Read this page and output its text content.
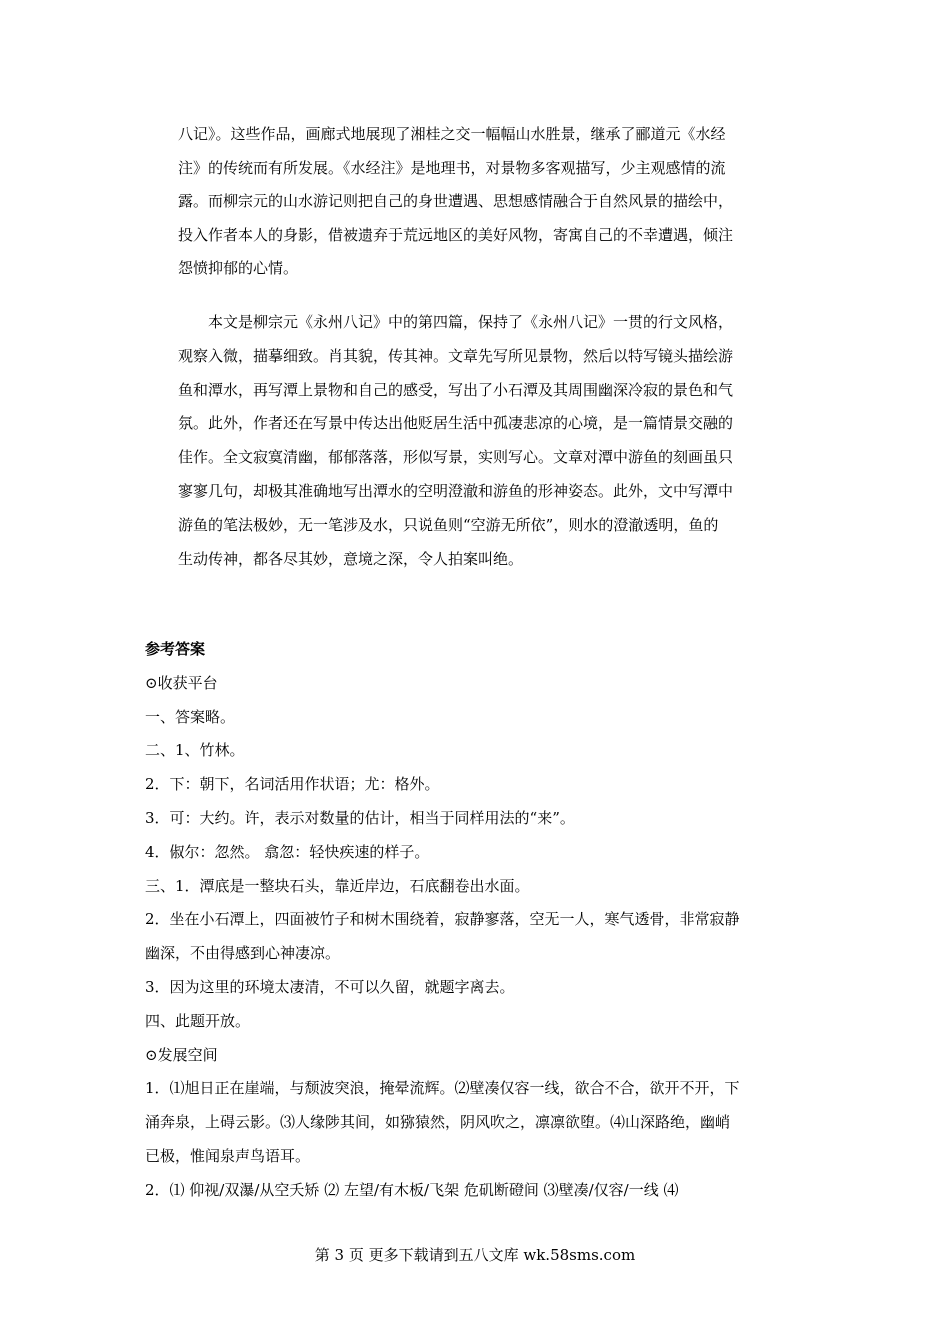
八记》。这些作品，画廊式地展现了湘桂之交一幅幅山水胜景，继承了郦道元《水经
注》的传统而有所发展。《水经注》是地理书，对景物多客观描写，少主观感情的流
露。而柳宗元的山水游记则把自己的身世遭遇、思想感情融合于自然风景的描绘中，
投入作者本人的身影，借被遗弃于荒远地区的美好风物，寄寓自己的不幸遭遇，倾注
怨愤抑郁的心情。
　　本文是柳宗元《永州八记》中的第四篇，保持了《永州八记》一贯的行文风格，
观察入微，描摹细致。肖其貌，传其神。文章先写所见景物，然后以特写镜头描绘游
鱼和潭水，再写潭上景物和自己的感受，写出了小石潭及其周围幽深冷寂的景色和气
氛。此外，作者还在写景中传达出他贬居生活中孤凄悲凉的心境，是一篇情景交融的
佳作。全文寂寞清幽，郁郁落落，形似写景，实则写心。文章对潭中游鱼的刻画虽只
寥寥几句，却极其准确地写出潭水的空明澄澈和游鱼的形神姿态。此外，文中写潭中
游鱼的笔法极妙，无一笔涉及水，只说鱼则“空游无所依”，则水的澄澈透明，鱼的
生动传神，都各尽其妙，意境之深，令人拍案叫绝。
参考答案
⊙收获平台
一、答案略。
二、1、竹林。
2．下：朝下，名词活用作状语；尤：格外。
3．可：大约。许，表示对数量的估计，相当于同样用法的“来”。
4．俶尔：忽然。 翕忽：轻快疾速的样子。
三、1．潭底是一整块石头，靠近岸边，石底翻卷出水面。
2．坐在小石潭上，四面被竹子和树木围绕着，寂静寥落，空无一人，寒气透骨，非常寂静
幽深，不由得感到心神凄凉。
3．因为这里的环境太凄清，不可以久留，就题字离去。
四、此题开放。
⊙发展空间
1．⑴旭日正在崖端，与颓波突浪，掩晕流辉。⑵壁凑仅容一线，欲合不合，欲开不开，下
涌奔泉，上碍云影。⑶人缘陟其间，如猕猿然，阴风吹之，凛凛欲堕。⑷山深路绝，幽峭
已极，惟闻泉声鸟语耳。
2．⑴ 仰视/双瀑/从空夭矫 ⑵ 左望/有木板/飞架 危矶断磴间 ⑶壁凑/仅容/一线 ⑷
第 3 页 更多下载请到五八文库 wk.58sms.com
